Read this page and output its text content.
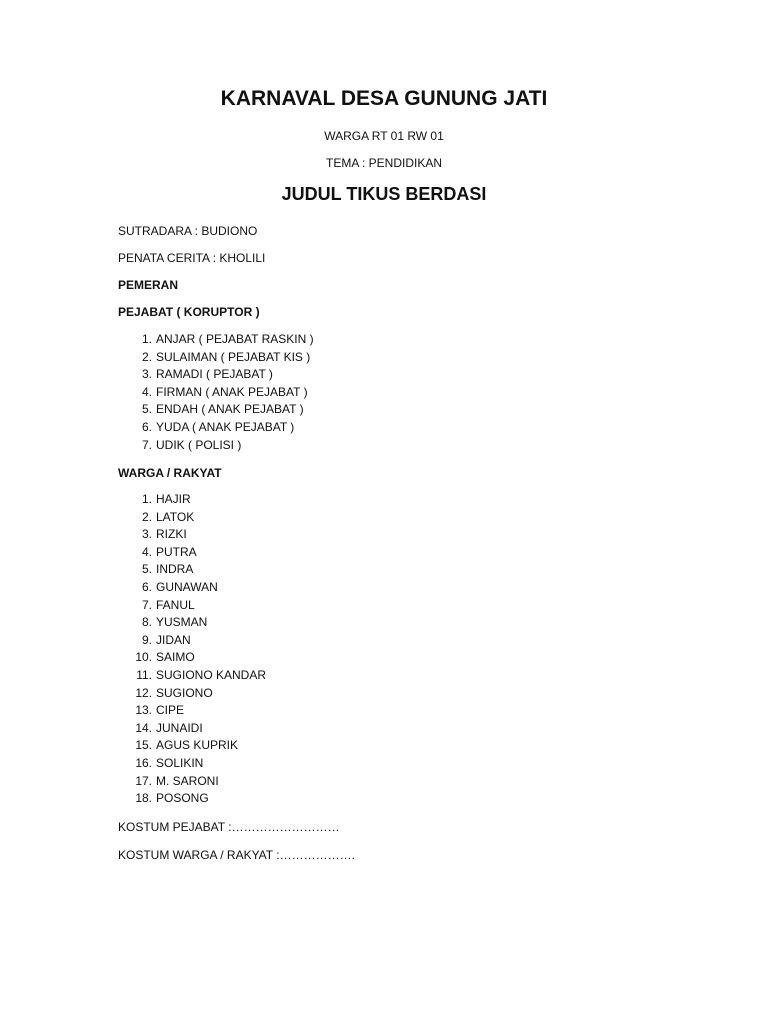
KARNAVAL DESA GUNUNG JATI

WARGA RT 01 RW 01

TEMA : PENDIDIKAN

JUDUL TIKUS BERDASI

SUTRADARA : BUDIONO

PENATA CERITA : KHOLILI

PEMERAN

PEJABAT ( KORUPTOR )

1. ANJAR ( PEJABAT RASKIN )
2. SULAIMAN ( PEJABAT KIS )
3. RAMADI ( PEJABAT )
4. FIRMAN ( ANAK PEJABAT )
5. ENDAH ( ANAK PEJABAT )
6. YUDA ( ANAK PEJABAT )
7. UDIK ( POLISI )

WARGA / RAKYAT

1. HAJIR
2. LATOK
3. RIZKI
4. PUTRA
5. INDRA
6. GUNAWAN
7. FANUL
8. YUSMAN
9. JIDAN
10. SAIMO
11. SUGIONO KANDAR
12. SUGIONO
13. CIPE
14. JUNAIDI
15. AGUS KUPRIK
16. SOLIKIN
17. M. SARONI
18. POSONG

KOSTUM PEJABAT :………………………

KOSTUM WARGA / RAKYAT :……………….
